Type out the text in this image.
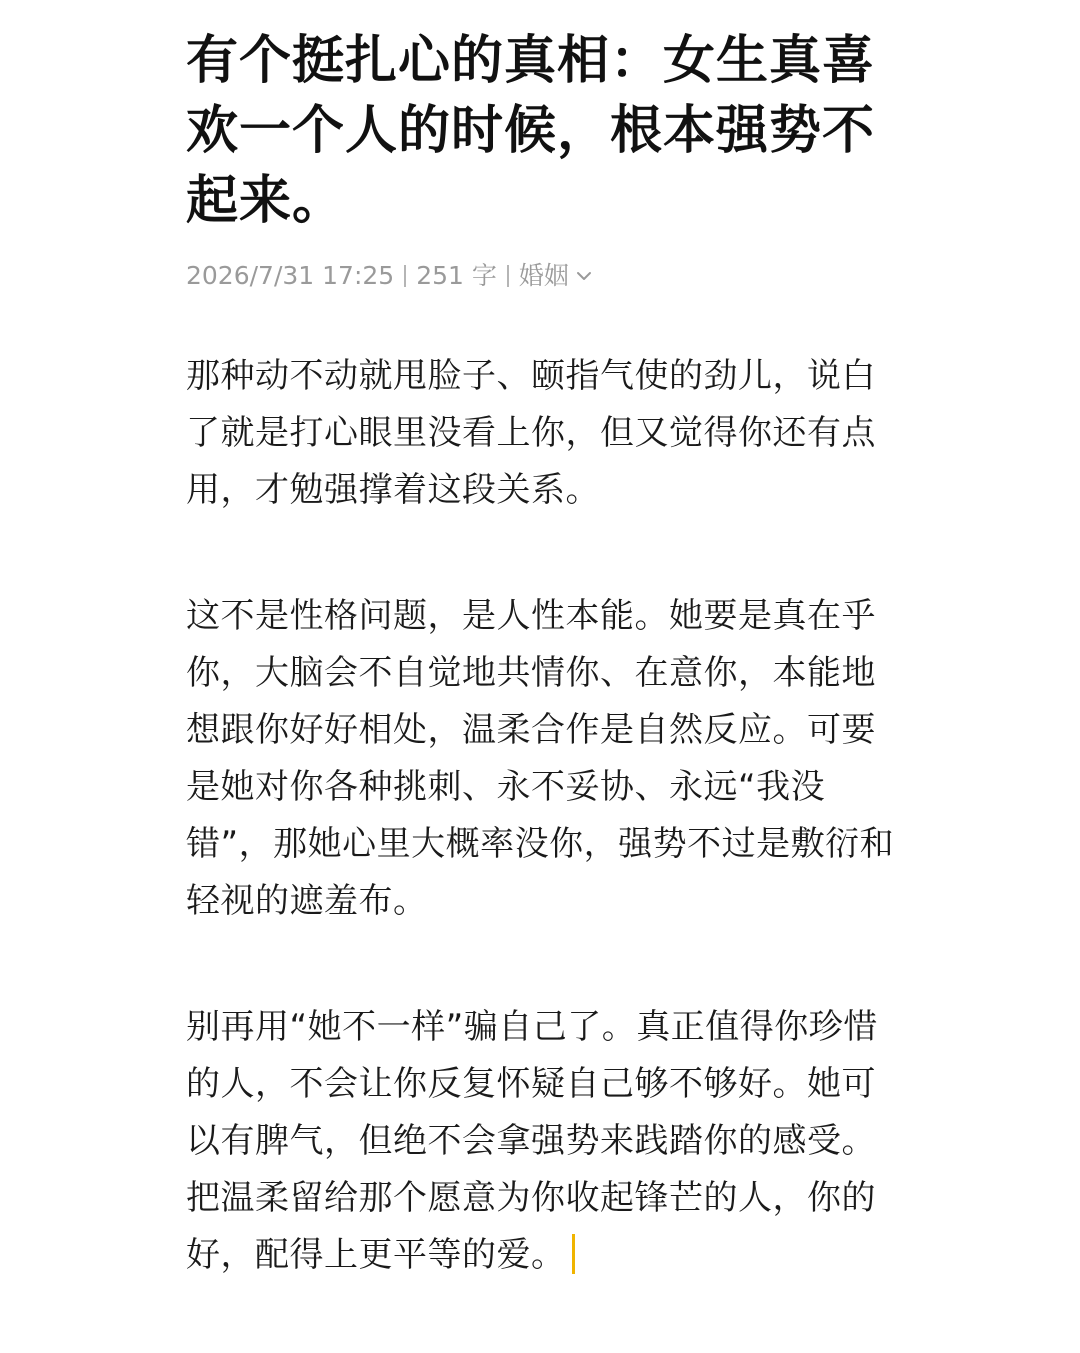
有个挺扎心的真相：女生真喜欢一个人的时候，根本强势不起来。
2026/7/31 17:25 251 字 婚姻

那种动不动就甩脸子、颐指气使的劲儿，说白了就是打心眼里没看上你，但又觉得你还有点用，才勉强撑着这段关系。

这不是性格问题，是人性本能。她要是真在乎你，大脑会不自觉地共情你、在意你，本能地想跟你好好相处，温柔合作是自然反应。可要是她对你各种挑刺、永不妥协、永远“我没错”，那她心里大概率没你，强势不过是敷衍和轻视的遮羞布。

别再用“她不一样”骗自己了。真正值得你珍惜的人，不会让你反复怀疑自己够不够好。她可以有脾气，但绝不会拿强势来践踏你的感受。把温柔留给那个愿意为你收起锋芒的人，你的好，配得上更平等的爱。
